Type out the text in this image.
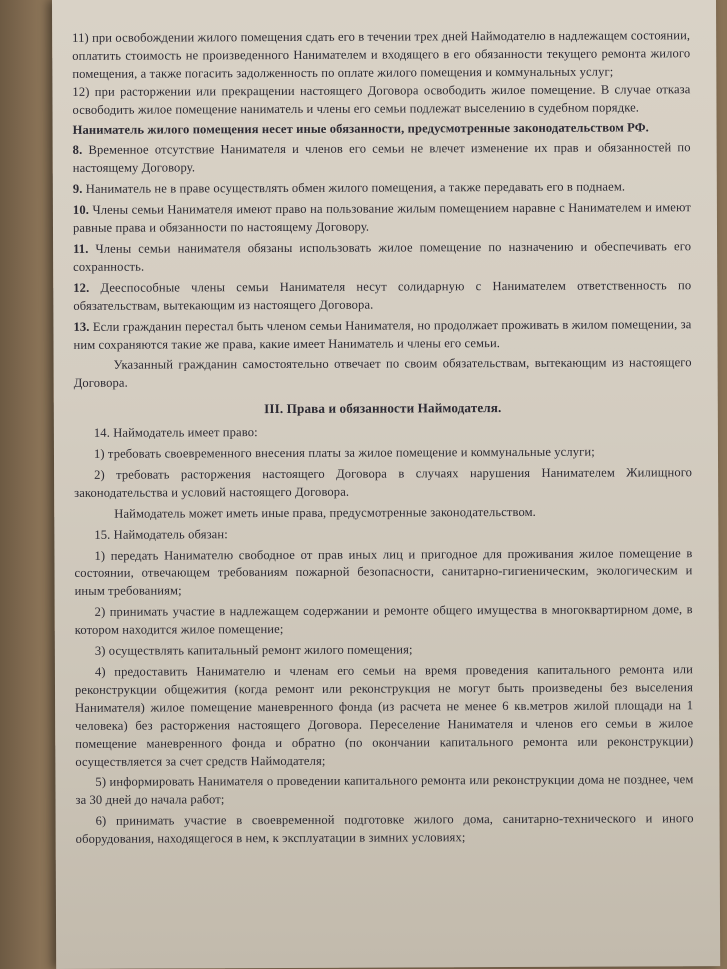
11) при освобождении жилого помещения сдать его в течении трех дней Наймодателю в надлежащем состоянии, оплатить стоимость не произведенного Нанимателем и входящего в его обязанности текущего ремонта жилого помещения, а также погасить задолженность по оплате жилого помещения и коммунальных услуг;

12) при расторжении или прекращении настоящего Договора освободить жилое помещение. В случае отказа освободить жилое помещение наниматель и члены его семьи подлежат выселению в судебном порядке.

Наниматель жилого помещения несет иные обязанности, предусмотренные законодательством РФ.

8. Временное отсутствие Нанимателя и членов его семьи не влечет изменение их прав и обязанностей по настоящему Договору.

9. Наниматель не в праве осуществлять обмен жилого помещения, а также передавать его в поднаем.

10. Члены семьи Нанимателя имеют право на пользование жилым помещением наравне с Нанимателем и имеют равные права и обязанности по настоящему Договору.

11. Члены семьи нанимателя обязаны использовать жилое помещение по назначению и обеспечивать его сохранность.

12. Дееспособные члены семьи Нанимателя несут солидарную с Нанимателем ответственность по обязательствам, вытекающим из настоящего Договора.

13. Если гражданин перестал быть членом семьи Нанимателя, но продолжает проживать в жилом помещении, за ним сохраняются такие же права, какие имеет Наниматель и члены его семьи.

Указанный гражданин самостоятельно отвечает по своим обязательствам, вытекающим из настоящего Договора.

III. Права и обязанности Наймодателя.

14. Наймодатель имеет право:

1) требовать своевременного внесения платы за жилое помещение и коммунальные услуги;

2) требовать расторжения настоящего Договора в случаях нарушения Нанимателем Жилищного законодательства и условий настоящего Договора.

Наймодатель может иметь иные права, предусмотренные законодательством.

15. Наймодатель обязан:

1) передать Нанимателю свободное от прав иных лиц и пригодное для проживания жилое помещение в состоянии, отвечающем требованиям пожарной безопасности, санитарно-гигиеническим, экологическим и иным требованиям;

2) принимать участие в надлежащем содержании и ремонте общего имущества в многоквартирном доме, в котором находится жилое помещение;

3) осуществлять капитальный ремонт жилого помещения;

4) предоставить Нанимателю и членам его семьи на время проведения капитального ремонта или реконструкции общежития (когда ремонт или реконструкция не могут быть произведены без выселения Нанимателя) жилое помещение маневренного фонда (из расчета не менее 6 кв.метров жилой площади на 1 человека) без расторжения настоящего Договора. Переселение Нанимателя и членов его семьи в жилое помещение маневренного фонда и обратно (по окончании капитального ремонта или реконструкции) осуществляется за счет средств Наймодателя;

5) информировать Нанимателя о проведении капитального ремонта или реконструкции дома не позднее, чем за 30 дней до начала работ;

6) принимать участие в своевременной подготовке жилого дома, санитарно-технического и иного оборудования, находящегося в нем, к эксплуатации в зимних условиях;
